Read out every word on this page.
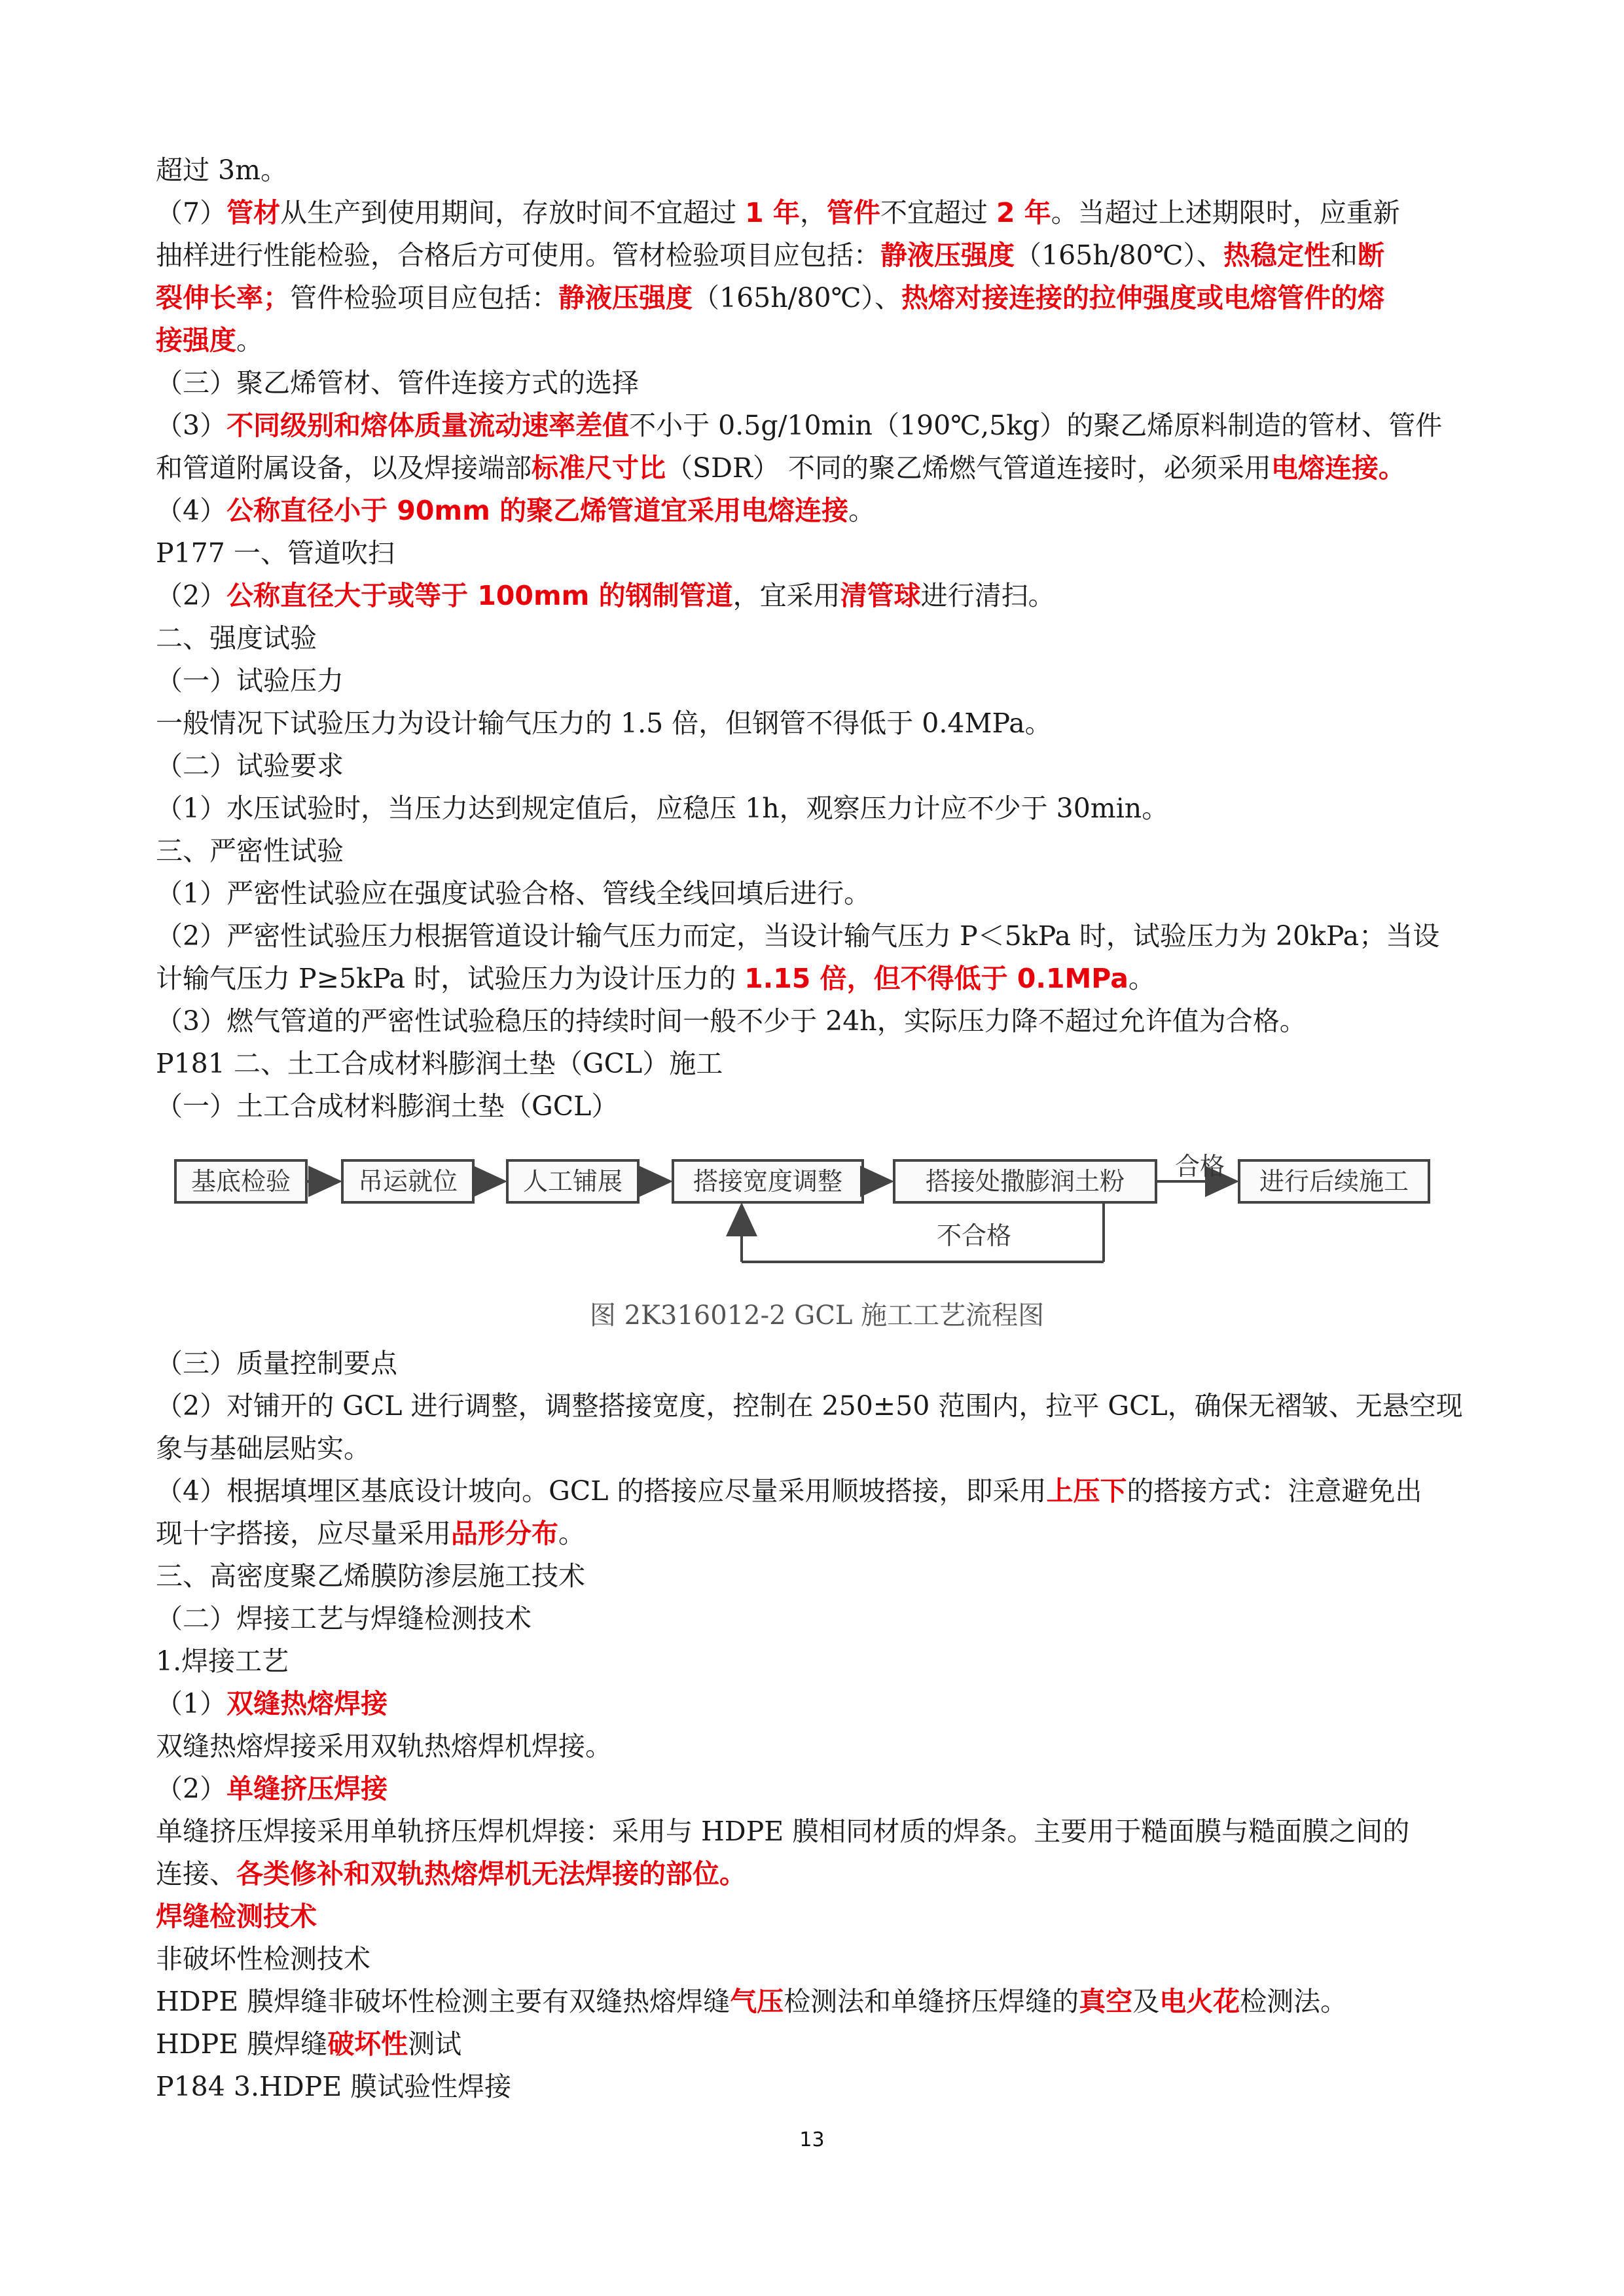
超过 3m。
（7）管材从生产到使用期间，存放时间不宜超过 1 年，管件不宜超过 2 年。当超过上述期限时，应重新
抽样进行性能检验，合格后方可使用。管材检验项目应包括：静液压强度（165h/80℃）、热稳定性和断
裂伸长率；管件检验项目应包括：静液压强度（165h/80℃）、热熔对接连接的拉伸强度或电熔管件的熔
接强度。
（三）聚乙烯管材、管件连接方式的选择
（3）不同级别和熔体质量流动速率差值不小于 0.5g/10min（190℃,5kg）的聚乙烯原料制造的管材、管件
和管道附属设备，以及焊接端部标准尺寸比（SDR） 不同的聚乙烯燃气管道连接时，必须采用电熔连接。
（4）公称直径小于 90mm 的聚乙烯管道宜采用电熔连接。
P177 一、管道吹扫
（2）公称直径大于或等于 100mm 的钢制管道，宜采用清管球进行清扫。
二、强度试验
（一）试验压力
一般情况下试验压力为设计输气压力的 1.5 倍，但钢管不得低于 0.4MPa。
（二）试验要求
（1）水压试验时，当压力达到规定值后，应稳压 1h，观察压力计应不少于 30min。
三、严密性试验
（1）严密性试验应在强度试验合格、管线全线回填后进行。
（2）严密性试验压力根据管道设计输气压力而定，当设计输气压力 P＜5kPa 时，试验压力为 20kPa；当设
计输气压力 P≥5kPa 时，试验压力为设计压力的 1.15 倍，但不得低于 0.1MPa。
（3）燃气管道的严密性试验稳压的持续时间一般不少于 24h，实际压力降不超过允许值为合格。
P181 二、土工合成材料膨润土垫（GCL）施工
（一）土工合成材料膨润土垫（GCL）
基底检验	吊运就位	人工铺展	搭接宽度调整	搭接处撒膨润土粉	进行后续施工
合格
不合格
图 2K316012-2 GCL 施工工艺流程图
（三）质量控制要点
（2）对铺开的 GCL 进行调整，调整搭接宽度，控制在 250±50 范围内，拉平 GCL，确保无褶皱、无悬空现
象与基础层贴实。
（4）根据填埋区基底设计坡向。GCL 的搭接应尽量采用顺坡搭接，即采用上压下的搭接方式：注意避免出
现十字搭接，应尽量采用品形分布。
三、高密度聚乙烯膜防渗层施工技术
（二）焊接工艺与焊缝检测技术
1.焊接工艺
（1）双缝热熔焊接
双缝热熔焊接采用双轨热熔焊机焊接。
（2）单缝挤压焊接
单缝挤压焊接采用单轨挤压焊机焊接：采用与 HDPE 膜相同材质的焊条。主要用于糙面膜与糙面膜之间的
连接、各类修补和双轨热熔焊机无法焊接的部位。
焊缝检测技术
非破坏性检测技术
HDPE 膜焊缝非破坏性检测主要有双缝热熔焊缝气压检测法和单缝挤压焊缝的真空及电火花检测法。
HDPE 膜焊缝破坏性测试
P184 3.HDPE 膜试验性焊接
13
